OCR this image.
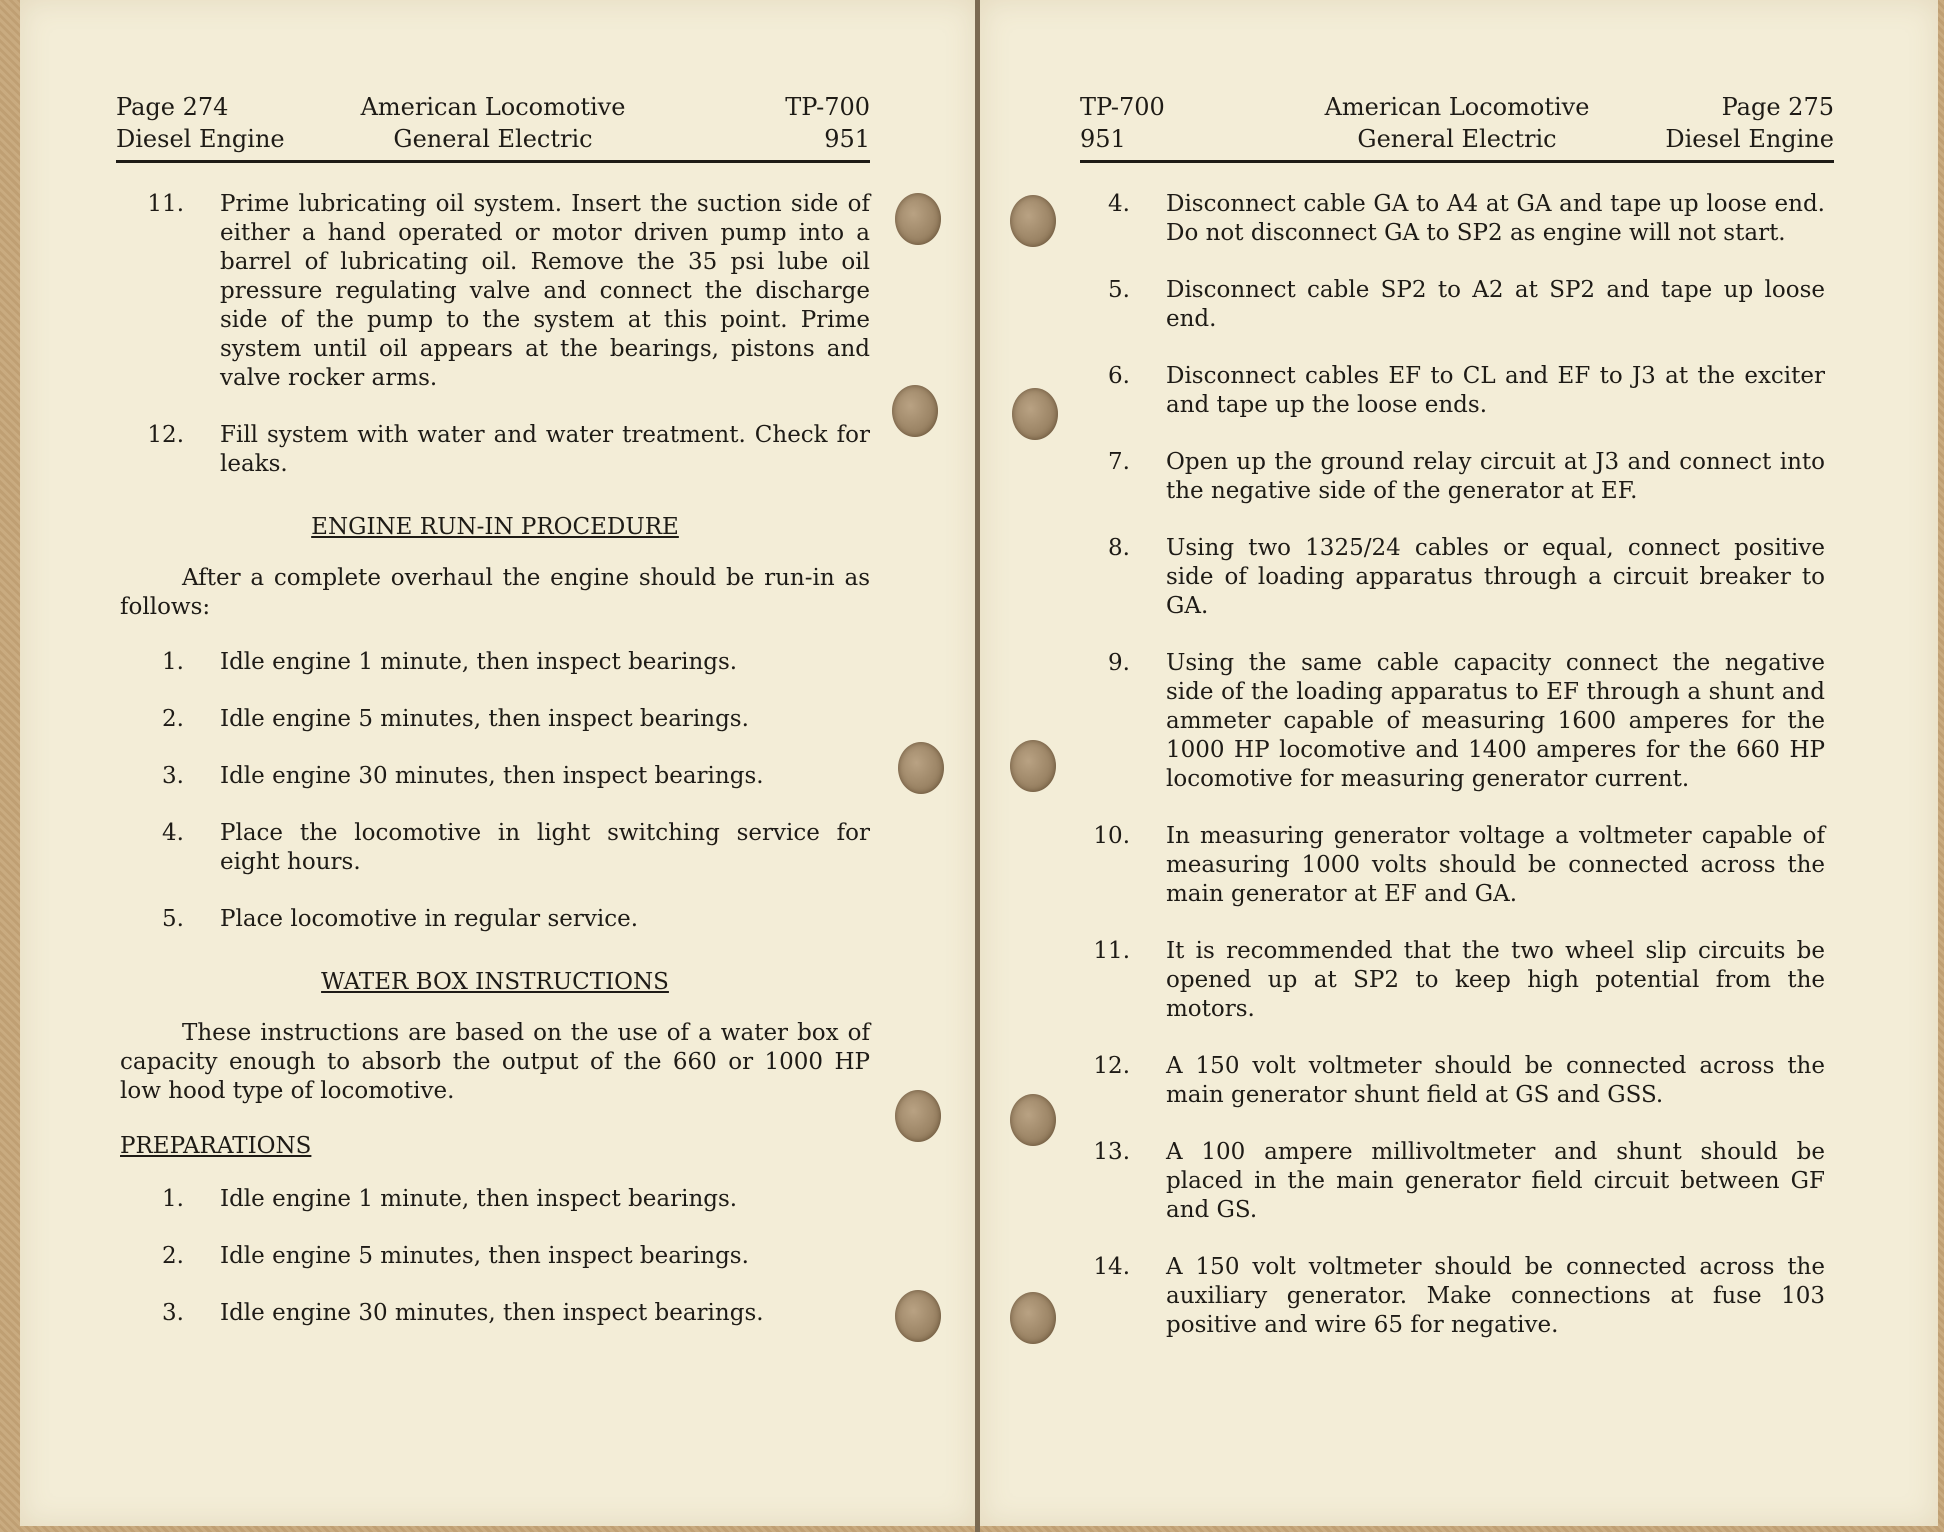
Page 274
Diesel Engine
American Locomotive
General Electric
TP-700
951
11.	Prime lubricating oil system. Insert the suction side of either a hand operated or motor driven pump into a barrel of lubricating oil. Remove the 35 psi lube oil pressure regulating valve and connect the discharge side of the pump to the system at this point. Prime system until oil appears at the bearings, pistons and valve rocker arms.
12.	Fill system with water and water treatment. Check for leaks.
ENGINE RUN-IN PROCEDURE
After a complete overhaul the engine should be run-in as follows:
1.	Idle engine 1 minute, then inspect bearings.
2.	Idle engine 5 minutes, then inspect bearings.
3.	Idle engine 30 minutes, then inspect bearings.
4.	Place the locomotive in light switching service for eight hours.
5.	Place locomotive in regular service.
WATER BOX INSTRUCTIONS
These instructions are based on the use of a water box of capacity enough to absorb the output of the 660 or 1000 HP low hood type of locomotive.
PREPARATIONS
1.	Idle engine 1 minute, then inspect bearings.
2.	Idle engine 5 minutes, then inspect bearings.
3.	Idle engine 30 minutes, then inspect bearings.
TP-700
951
American Locomotive
General Electric
Page 275
Diesel Engine
4.	Disconnect cable GA to A4 at GA and tape up loose end. Do not disconnect GA to SP2 as engine will not start.
5.	Disconnect cable SP2 to A2 at SP2 and tape up loose end.
6.	Disconnect cables EF to CL and EF to J3 at the exciter and tape up the loose ends.
7.	Open up the ground relay circuit at J3 and connect into the negative side of the generator at EF.
8.	Using two 1325/24 cables or equal, connect positive side of loading apparatus through a circuit breaker to GA.
9.	Using the same cable capacity connect the negative side of the loading apparatus to EF through a shunt and ammeter capable of measuring 1600 amperes for the 1000 HP locomotive and 1400 amperes for the 660 HP locomotive for measuring generator current.
10.	In measuring generator voltage a voltmeter capable of measuring 1000 volts should be connected across the main generator at EF and GA.
11.	It is recommended that the two wheel slip circuits be opened up at SP2 to keep high potential from the motors.
12.	A 150 volt voltmeter should be connected across the main generator shunt field at GS and GSS.
13.	A 100 ampere millivoltmeter and shunt should be placed in the main generator field circuit between GF and GS.
14.	A 150 volt voltmeter should be connected across the auxiliary generator. Make connections at fuse 103 positive and wire 65 for negative.
